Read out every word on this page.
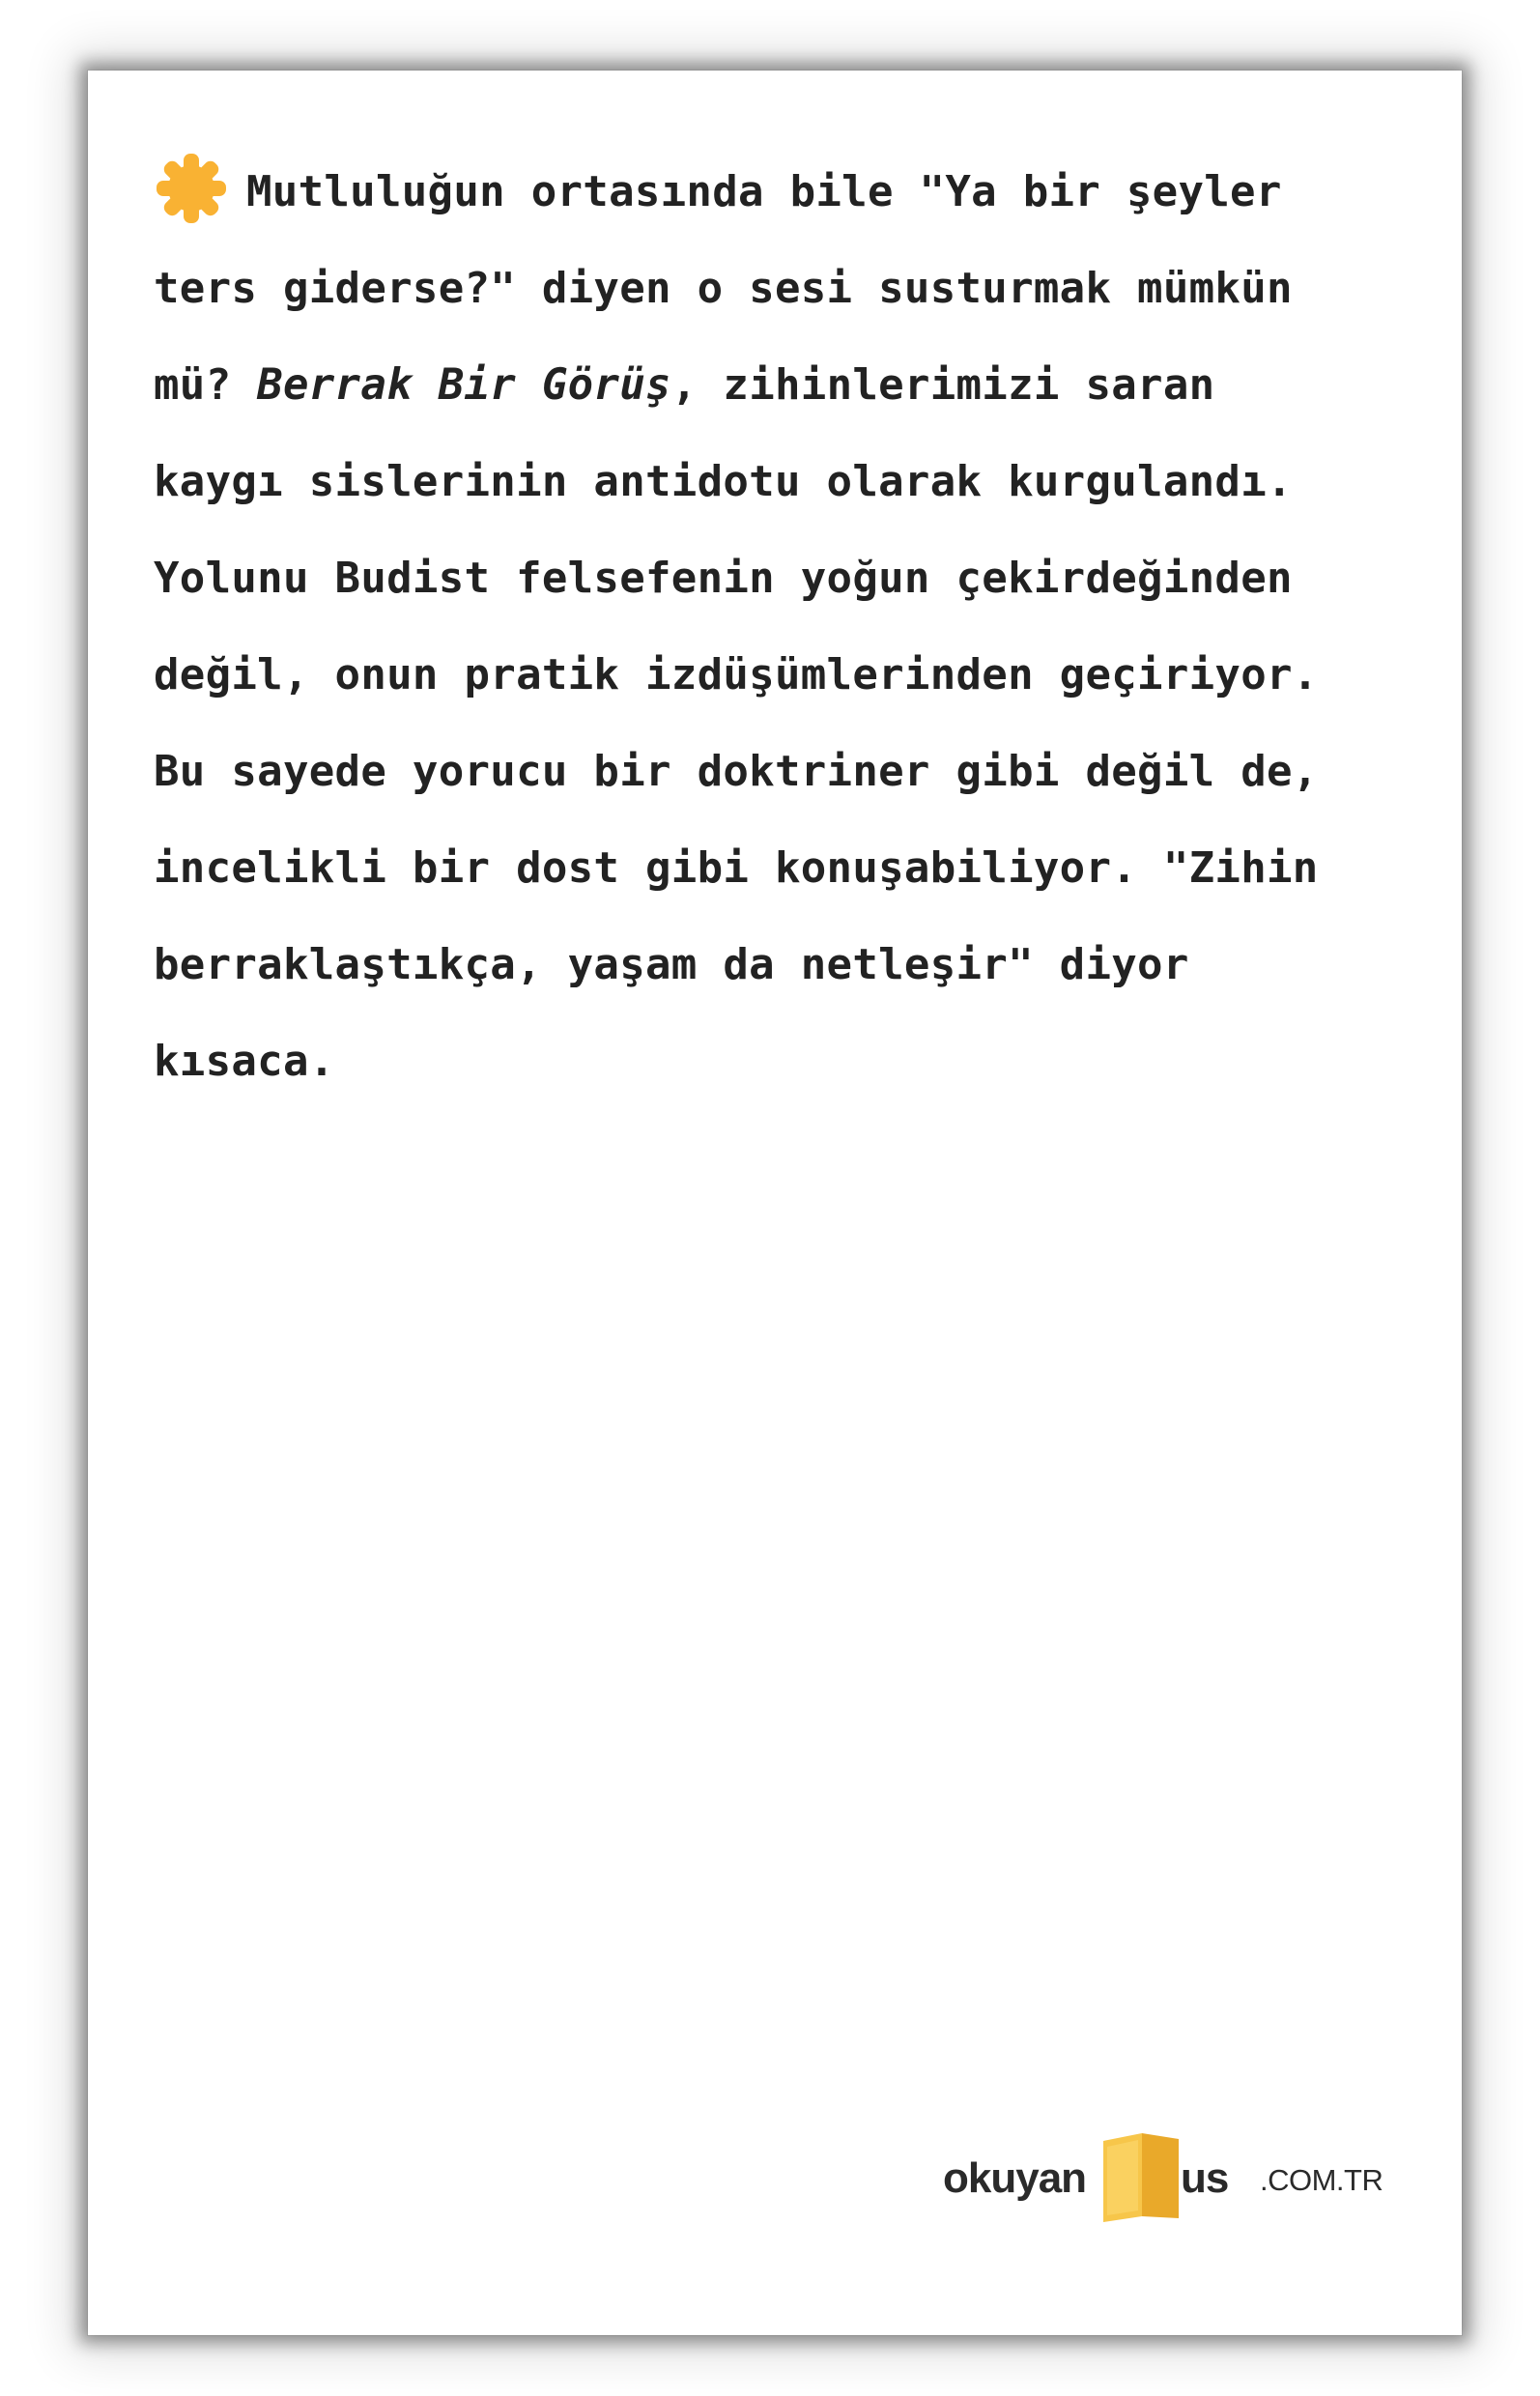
Mutluluğun ortasında bile "Ya bir şeyler
ters giderse?" diyen o sesi susturmak mümkün
mü? Berrak Bir Görüş, zihinlerimizi saran
kaygı sislerinin antidotu olarak kurgulandı.
Yolunu Budist felsefenin yoğun çekirdeğinden
değil, onun pratik izdüşümlerinden geçiriyor.
Bu sayede yorucu bir doktriner gibi değil de,
incelikli bir dost gibi konuşabiliyor. "Zihin
berraklaştıkça, yaşam da netleşir" diyor
kısaca.
okuyan us .COM.TR
